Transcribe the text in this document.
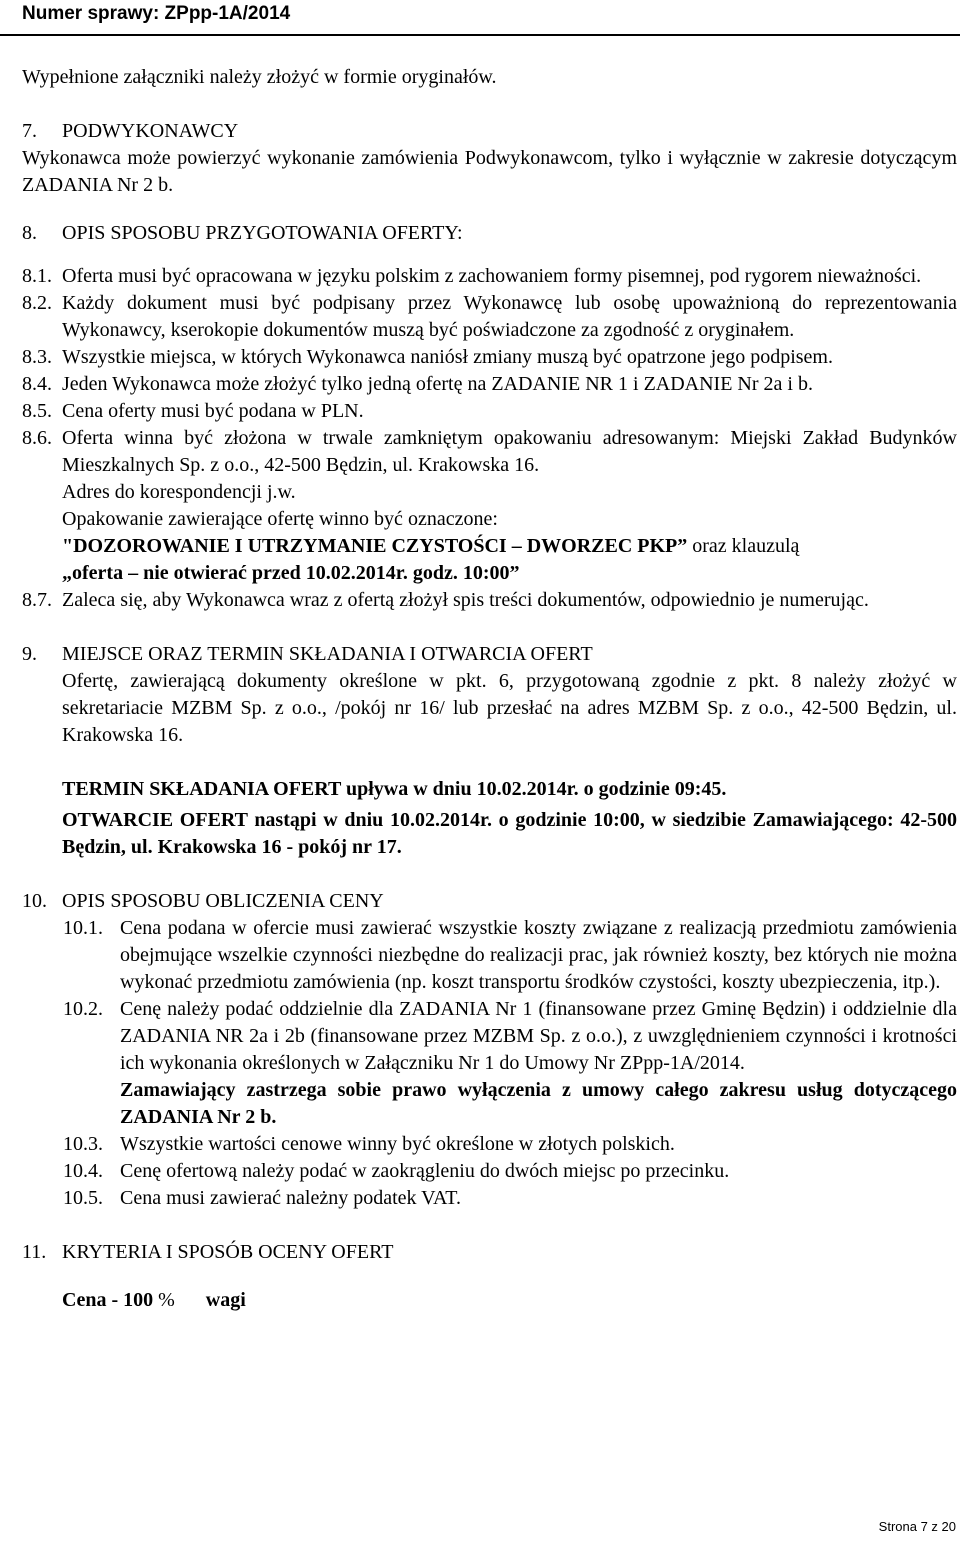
Numer sprawy: ZPpp-1A/2014

Wypełnione załączniki należy złożyć w formie oryginałów.

7.	PODWYKONAWCY

Wykonawca może powierzyć wykonanie zamówienia Podwykonawcom, tylko i wyłącznie w zakresie dotyczącym ZADANIA Nr 2 b.

8.	OPIS SPOSOBU PRZYGOTOWANIA OFERTY:
8.1. Oferta musi być opracowana w języku polskim z zachowaniem formy pisemnej, pod rygorem nieważności.
8.2. Każdy dokument musi być podpisany przez Wykonawcę lub osobę upoważnioną do reprezentowania Wykonawcy, kserokopie dokumentów muszą być poświadczone za zgodność z oryginałem.
8.3. Wszystkie miejsca, w których Wykonawca naniósł zmiany muszą być opatrzone jego podpisem.
8.4. Jeden Wykonawca może złożyć tylko jedną ofertę na ZADANIE NR 1 i ZADANIE Nr 2a i b.
8.5. Cena oferty musi być podana w PLN.
8.6. Oferta winna być złożona w trwale zamkniętym opakowaniu adresowanym: Miejski Zakład Budynków Mieszkalnych Sp. z o.o., 42-500 Będzin, ul. Krakowska 16.

Adres do korespondencji j.w.

Opakowanie zawierające ofertę winno być oznaczone:

"DOZOROWANIE I UTRZYMANIE CZYSTOŚCI – DWORZEC PKP” oraz klauzulą

„oferta – nie otwierać przed 10.02.2014r. godz. 10:00”

8.7. Zaleca się, aby Wykonawca wraz z ofertą złożył spis treści dokumentów, odpowiednio je numerując.
9.	MIEJSCE ORAZ TERMIN SKŁADANIA I OTWARCIA OFERT

Ofertę, zawierającą dokumenty określone w pkt. 6, przygotowaną zgodnie z pkt. 8 należy złożyć w sekretariacie MZBM Sp. z o.o., /pokój nr 16/ lub przesłać na adres MZBM Sp. z o.o., 42-500 Będzin, ul. Krakowska 16.

TERMIN SKŁADANIA OFERT upływa w dniu 10.02.2014r. o godzinie 09:45.

OTWARCIE OFERT nastąpi w dniu 10.02.2014r. o godzinie 10:00, w siedzibie Zamawiającego: 42-500 Będzin, ul. Krakowska 16 - pokój nr 17.

10. OPIS SPOSOBU OBLICZENIA CENY
10.1. Cena podana w ofercie musi zawierać wszystkie koszty związane z realizacją przedmiotu zamówienia obejmujące wszelkie czynności niezbędne do realizacji prac, jak również koszty, bez których nie można wykonać przedmiotu zamówienia (np. koszt transportu środków czystości, koszty ubezpieczenia, itp.).
10.2. Cenę należy podać oddzielnie dla ZADANIA Nr 1 (finansowane przez Gminę Będzin) i oddzielnie dla ZADANIA NR 2a i 2b (finansowane przez MZBM Sp. z o.o.), z uwzględnieniem czynności i krotności ich wykonania określonych w Załączniku Nr 1 do Umowy Nr ZPpp-1A/2014.

Zamawiający zastrzega sobie prawo wyłączenia z umowy całego zakresu usług dotyczącego ZADANIA Nr 2 b.

10.3. Wszystkie wartości cenowe winny być określone w złotych polskich.
10.4. Cenę ofertową należy podać w zaokrągleniu do dwóch miejsc po przecinku.
10.5. Cena musi zawierać należny podatek VAT.
11. KRYTERIA I SPOSÓB OCENY OFERT

Cena - 100 % wagi

Strona 7 z 20
